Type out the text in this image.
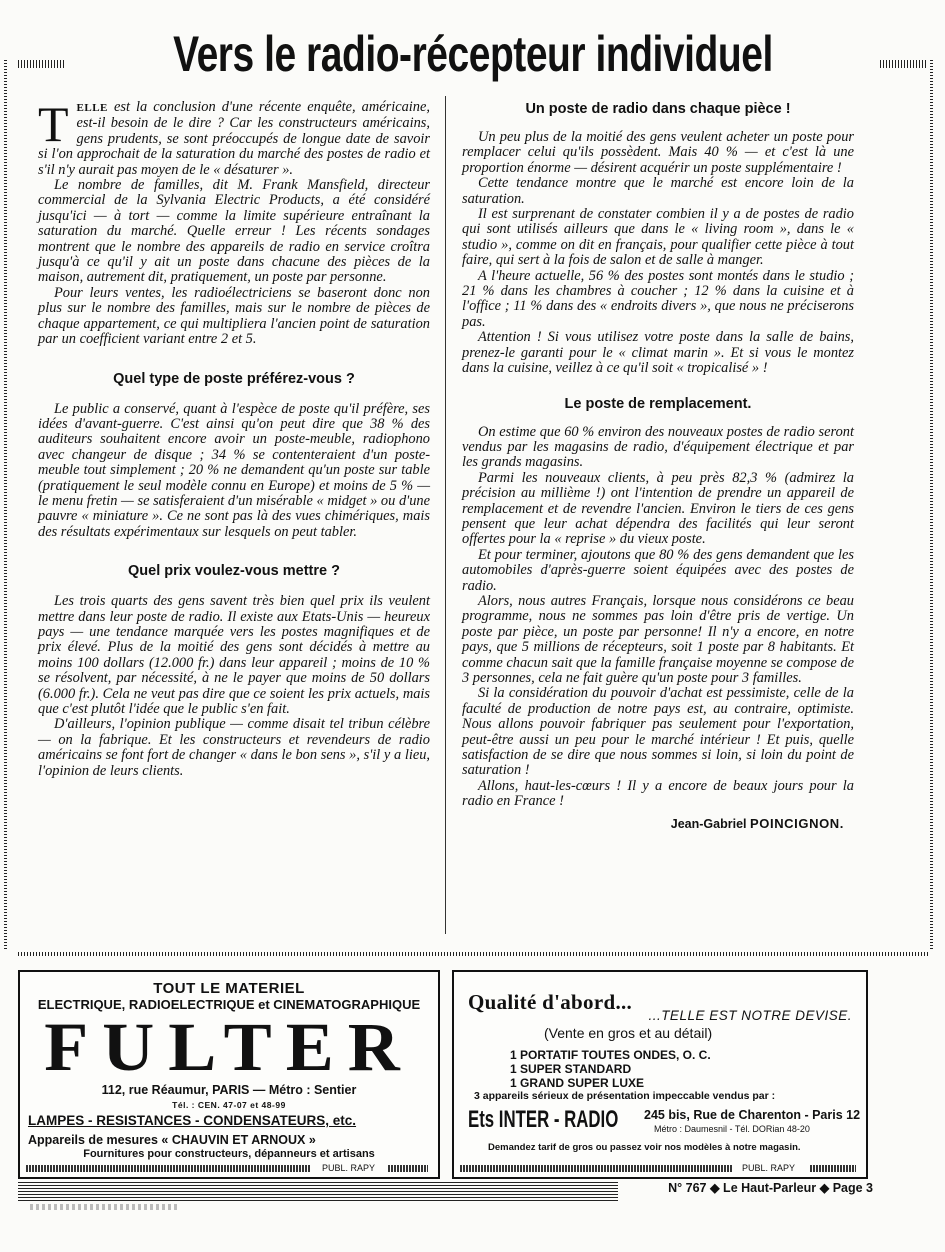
Vers le radio-récepteur individuel

TELLE est la conclusion d'une récente enquête, américaine, est-il besoin de le dire ? Car les constructeurs américains, gens prudents, se sont préoccupés de longue date de savoir si l'on approchait de la saturation du marché des postes de radio et s'il n'y aurait pas moyen de le « désaturer ».

Le nombre de familles, dit M. Frank Mansfield, directeur commercial de la Sylvania Electric Products, a été considéré jusqu'ici — à tort — comme la limite supérieure entraînant la saturation du marché. Quelle erreur ! Les récents sondages montrent que le nombre des appareils de radio en service croîtra jusqu'à ce qu'il y ait un poste dans chacune des pièces de la maison, autrement dit, pratiquement, un poste par personne.

Pour leurs ventes, les radioélectriciens se baseront donc non plus sur le nombre des familles, mais sur le nombre de pièces de chaque appartement, ce qui multipliera l'ancien point de saturation par un coefficient variant entre 2 et 5.

Quel type de poste préférez-vous ?

Le public a conservé, quant à l'espèce de poste qu'il préfère, ses idées d'avant-guerre. C'est ainsi qu'on peut dire que 38 % des auditeurs souhaitent encore avoir un poste-meuble, radiophono avec changeur de disque ; 34 % se contenteraient d'un poste-meuble tout simplement ; 20 % ne demandent qu'un poste sur table (pratiquement le seul modèle connu en Europe) et moins de 5 % — le menu fretin — se satisferaient d'un misérable « midget » ou d'une pauvre « miniature ». Ce ne sont pas là des vues chimériques, mais des résultats expérimentaux sur lesquels on peut tabler.

Quel prix voulez-vous mettre ?

Les trois quarts des gens savent très bien quel prix ils veulent mettre dans leur poste de radio. Il existe aux Etats-Unis — heureux pays — une tendance marquée vers les postes magnifiques et de prix élevé. Plus de la moitié des gens sont décidés à mettre au moins 100 dollars (12.000 fr.) dans leur appareil ; moins de 10 % se résolvent, par nécessité, à ne le payer que moins de 50 dollars (6.000 fr.). Cela ne veut pas dire que ce soient les prix actuels, mais que c'est plutôt l'idée que le public s'en fait.

D'ailleurs, l'opinion publique — comme disait tel tribun célèbre — on la fabrique. Et les constructeurs et revendeurs de radio américains se font fort de changer « dans le bon sens », s'il y a lieu, l'opinion de leurs clients.

Un poste de radio dans chaque pièce !

Un peu plus de la moitié des gens veulent acheter un poste pour remplacer celui qu'ils possèdent. Mais 40 % — et c'est là une proportion énorme — désirent acquérir un poste supplémentaire !

Cette tendance montre que le marché est encore loin de la saturation.

Il est surprenant de constater combien il y a de postes de radio qui sont utilisés ailleurs que dans le « living room », dans le « studio », comme on dit en français, pour qualifier cette pièce à tout faire, qui sert à la fois de salon et de salle à manger.

A l'heure actuelle, 56 % des postes sont montés dans le studio ; 21 % dans les chambres à coucher ; 12 % dans la cuisine et à l'office ; 11 % dans des « endroits divers », que nous ne préciserons pas.

Attention ! Si vous utilisez votre poste dans la salle de bains, prenez-le garanti pour le « climat marin ». Et si vous le montez dans la cuisine, veillez à ce qu'il soit « tropicalisé » !

Le poste de remplacement.

On estime que 60 % environ des nouveaux postes de radio seront vendus par les magasins de radio, d'équipement électrique et par les grands magasins.

Parmi les nouveaux clients, à peu près 82,3 % (admirez la précision au millième !) ont l'intention de prendre un appareil de remplacement et de revendre l'ancien. Environ le tiers de ces gens pensent que leur achat dépendra des facilités qui leur seront offertes pour la « reprise » du vieux poste.

Et pour terminer, ajoutons que 80 % des gens demandent que les automobiles d'après-guerre soient équipées avec des postes de radio.

Alors, nous autres Français, lorsque nous considérons ce beau programme, nous ne sommes pas loin d'être pris de vertige. Un poste par pièce, un poste par personne! Il n'y a encore, en notre pays, que 5 millions de récepteurs, soit 1 poste par 8 habitants. Et comme chacun sait que la famille française moyenne se compose de 3 personnes, cela ne fait guère qu'un poste pour 3 familles.

Si la considération du pouvoir d'achat est pessimiste, celle de la faculté de production de notre pays est, au contraire, optimiste. Nous allons pouvoir fabriquer pas seulement pour l'exportation, peut-être aussi un peu pour le marché intérieur ! Et puis, quelle satisfaction de se dire que nous sommes si loin, si loin du point de saturation !

Allons, haut-les-cœurs ! Il y a encore de beaux jours pour la radio en France !

Jean-Gabriel POINCIGNON.
TOUT LE MATERIEL
ELECTRIQUE, RADIOELECTRIQUE et CINEMATOGRAPHIQUE
FULTER
112, rue Réaumur, PARIS — Métro : Sentier
Tél. : CEN. 47-07 et 48-99
LAMPES - RESISTANCES - CONDENSATEURS, etc.
Appareils de mesures « CHAUVIN ET ARNOUX »
Fournitures pour constructeurs, dépanneurs et artisans
PUBL. RAPY
Qualité d'abord...
...TELLE EST NOTRE DEVISE.
(Vente en gros et au détail)
1 PORTATIF TOUTES ONDES, O. C.
1 SUPER STANDARD
1 GRAND SUPER LUXE
3 appareils sérieux de présentation impeccable vendus par :
Ets INTER - RADIO 245 bis, Rue de Charenton - Paris 12
Métro : Daumesnil - Tél. DORian 48-20
Demandez tarif de gros ou passez voir nos modèles à notre magasin.
PUBL. RAPY
N° 767 ◆ Le Haut-Parleur ◆ Page 3
